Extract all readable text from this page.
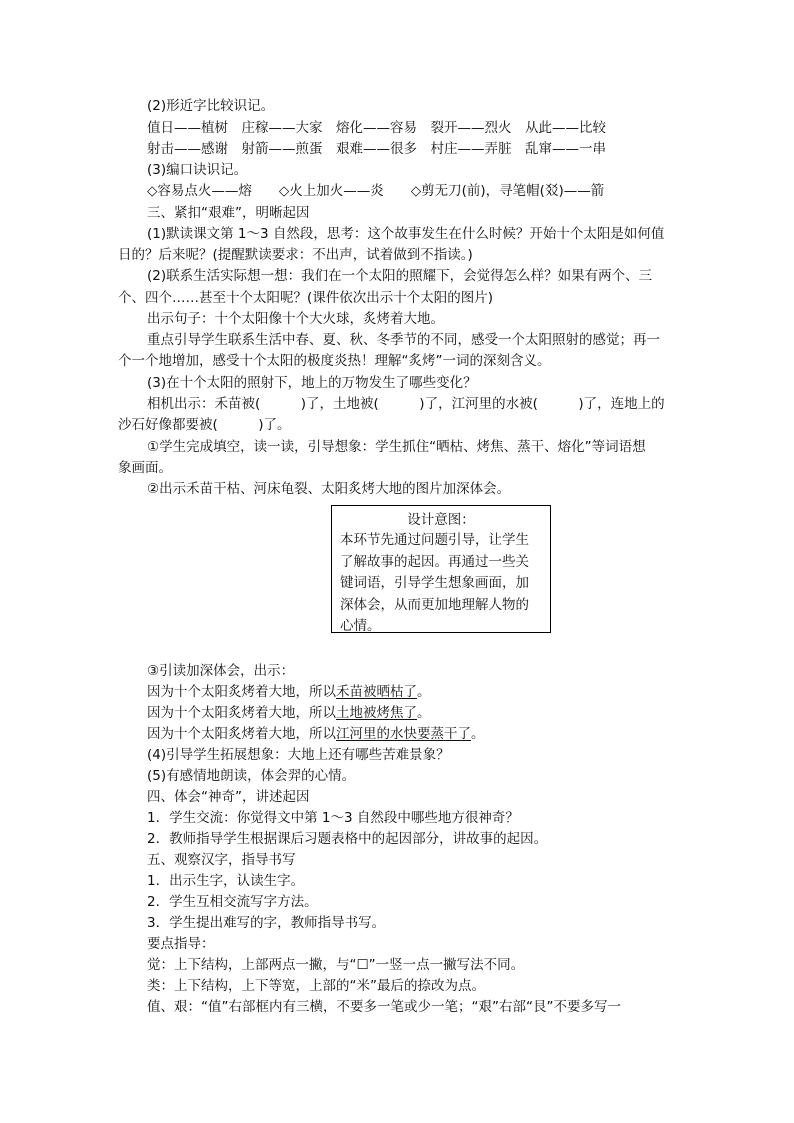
(2)形近字比较识记。
值日——植树　庄稼——大家　熔化——容易　裂开——烈火　从此——比较
射击——感谢　射箭——煎蛋　艰难——很多　村庄——弄脏　乱窜——一串
(3)编口诀识记。
◇容易点火——熔　　◇火上加火——炎　　◇剪无刀(前)，寻笔帽(㸚)——箭
三、紧扣“艰难”，明晰起因
(1)默读课文第 1～3 自然段，思考：这个故事发生在什么时候？开始十个太阳是如何值
日的？后来呢？(提醒默读要求：不出声，试着做到不指读。)
(2)联系生活实际想一想：我们在一个太阳的照耀下，会觉得怎么样？如果有两个、三
个、四个……甚至十个太阳呢？(课件依次出示十个太阳的图片)
出示句子：十个太阳像十个大火球，炙烤着大地。
重点引导学生联系生活中春、夏、秋、冬季节的不同，感受一个太阳照射的感觉；再一
个一个地增加，感受十个太阳的极度炎热！理解“炙烤”一词的深刻含义。
(3)在十个太阳的照射下，地上的万物发生了哪些变化？
相机出示：禾苗被(　　　)了，土地被(　　　)了，江河里的水被(　　　)了，连地上的
沙石好像都要被(　　　)了。
①学生完成填空，读一读，引导想象：学生抓住“晒枯、烤焦、蒸干、熔化”等词语想
象画面。
②出示禾苗干枯、河床龟裂、太阳炙烤大地的图片加深体会。
设计意图：
本环节先通过问题引导，让学生了解故事的起因。再通过一些关键词语，引导学生想象画面，加深体会，从而更加地理解人物的心情。
③引读加深体会，出示：
因为十个太阳炙烤着大地，所以禾苗被晒枯了。
因为十个太阳炙烤着大地，所以土地被烤焦了。
因为十个太阳炙烤着大地，所以江河里的水快要蒸干了。
(4)引导学生拓展想象：大地上还有哪些苦难景象？
(5)有感情地朗读，体会羿的心情。
四、体会“神奇”，讲述起因
1．学生交流：你觉得文中第 1～3 自然段中哪些地方很神奇？
2．教师指导学生根据课后习题表格中的起因部分，讲故事的起因。
五、观察汉字，指导书写
1．出示生字，认读生字。
2．学生互相交流写字方法。
3．学生提出难写的字，教师指导书写。
要点指导：
觉：上下结构，上部两点一撇，与“☐”一竖一点一撇写法不同。
类：上下结构，上下等宽，上部的“米”最后的捺改为点。
值、艰：“值”右部框内有三横，不要多一笔或少一笔；“艰”右部“艮”不要多写一
